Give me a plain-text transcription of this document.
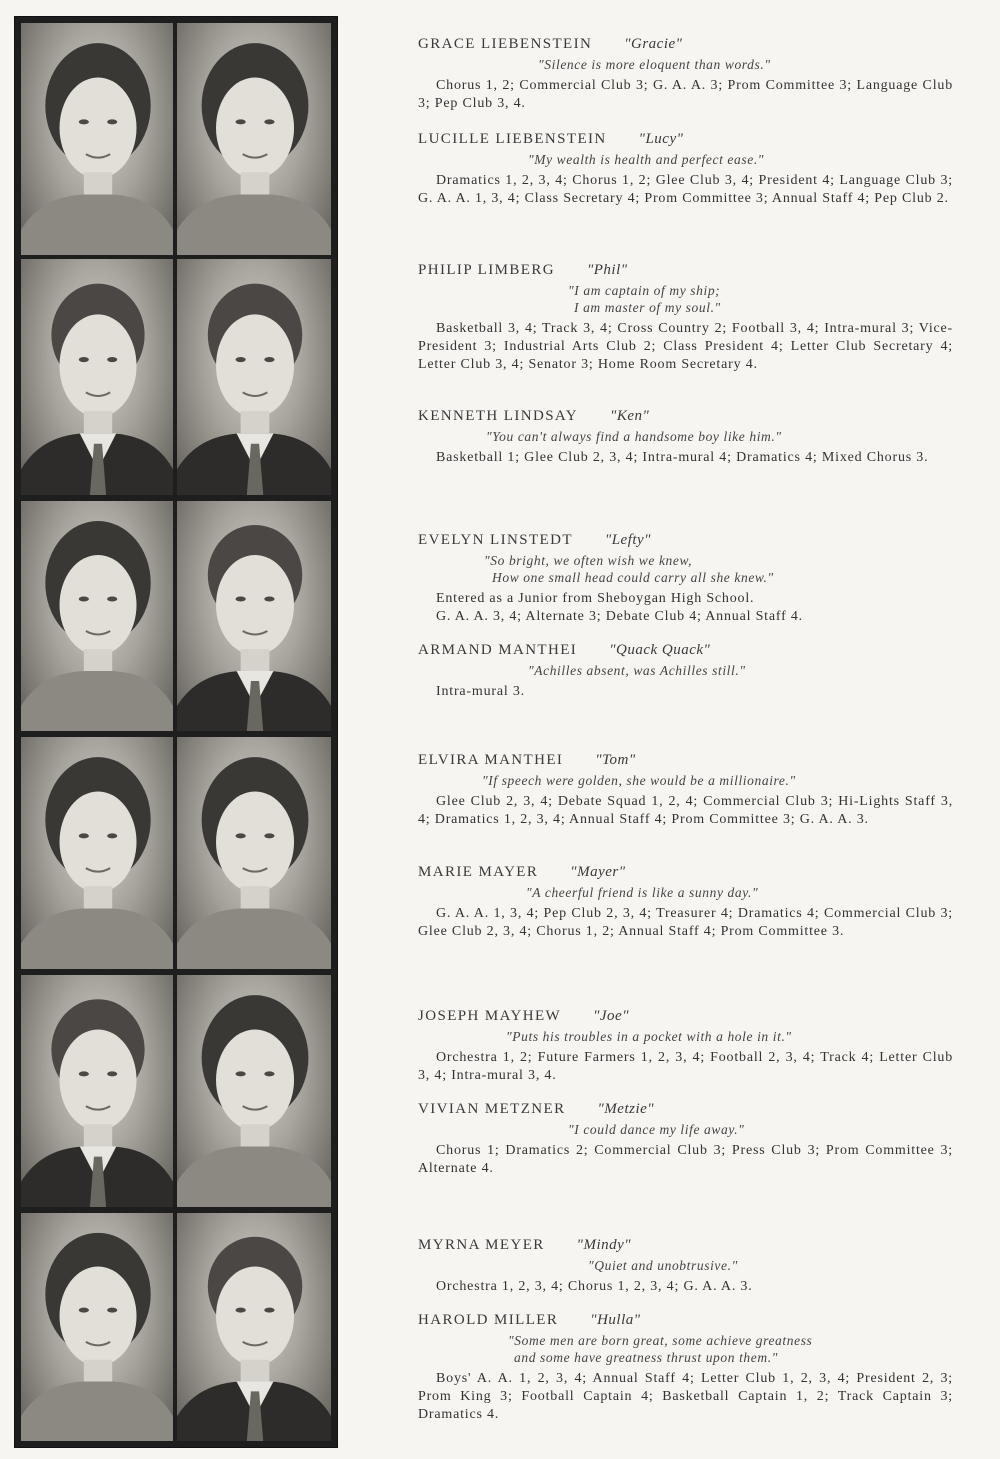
GRACE LIEBENSTEIN "Gracie"
"Silence is more eloquent than words."
Chorus 1, 2; Commercial Club 3; G. A. A. 3; Prom Committee 3; Language Club 3; Pep Club 3, 4.
LUCILLE LIEBENSTEIN "Lucy"
"My wealth is health and perfect ease."
Dramatics 1, 2, 3, 4; Chorus 1, 2; Glee Club 3, 4; President 4; Language Club 3; G. A. A. 1, 3, 4; Class Secretary 4; Prom Committee 3; Annual Staff 4; Pep Club 2.
PHILIP LIMBERG "Phil"
"I am captain of my ship;
I am master of my soul."
Basketball 3, 4; Track 3, 4; Cross Country 2; Football 3, 4; Intra-mural 3; Vice-President 3; Industrial Arts Club 2; Class President 4; Letter Club Secretary 4; Letter Club 3, 4; Senator 3; Home Room Secretary 4.
KENNETH LINDSAY "Ken"
"You can't always find a handsome boy like him."
Basketball 1; Glee Club 2, 3, 4; Intra-mural 4; Dramatics 4; Mixed Chorus 3.
EVELYN LINSTEDT "Lefty"
"So bright, we often wish we knew,
How one small head could carry all she knew."
Entered as a Junior from Sheboygan High School.
G. A. A. 3, 4; Alternate 3; Debate Club 4; Annual Staff 4.
ARMAND MANTHEI "Quack Quack"
"Achilles absent, was Achilles still."
Intra-mural 3.
ELVIRA MANTHEI "Tom"
"If speech were golden, she would be a millionaire."
Glee Club 2, 3, 4; Debate Squad 1, 2, 4; Commercial Club 3; Hi-Lights Staff 3, 4; Dramatics 1, 2, 3, 4; Annual Staff 4; Prom Committee 3; G. A. A. 3.
MARIE MAYER "Mayer"
"A cheerful friend is like a sunny day."
G. A. A. 1, 3, 4; Pep Club 2, 3, 4; Treasurer 4; Dramatics 4; Commercial Club 3; Glee Club 2, 3, 4; Chorus 1, 2; Annual Staff 4; Prom Committee 3.
JOSEPH MAYHEW "Joe"
"Puts his troubles in a pocket with a hole in it."
Orchestra 1, 2; Future Farmers 1, 2, 3, 4; Football 2, 3, 4; Track 4; Letter Club 3, 4; Intra-mural 3, 4.
VIVIAN METZNER "Metzie"
"I could dance my life away."
Chorus 1; Dramatics 2; Commercial Club 3; Press Club 3; Prom Committee 3; Alternate 4.
MYRNA MEYER "Mindy"
"Quiet and unobtrusive."
Orchestra 1, 2, 3, 4; Chorus 1, 2, 3, 4; G. A. A. 3.
HAROLD MILLER "Hulla"
"Some men are born great, some achieve greatness
and some have greatness thrust upon them."
Boys' A. A. 1, 2, 3, 4; Annual Staff 4; Letter Club 1, 2, 3, 4; President 2, 3; Prom King 3; Football Captain 4; Basketball Captain 1, 2; Track Captain 3; Dramatics 4.
